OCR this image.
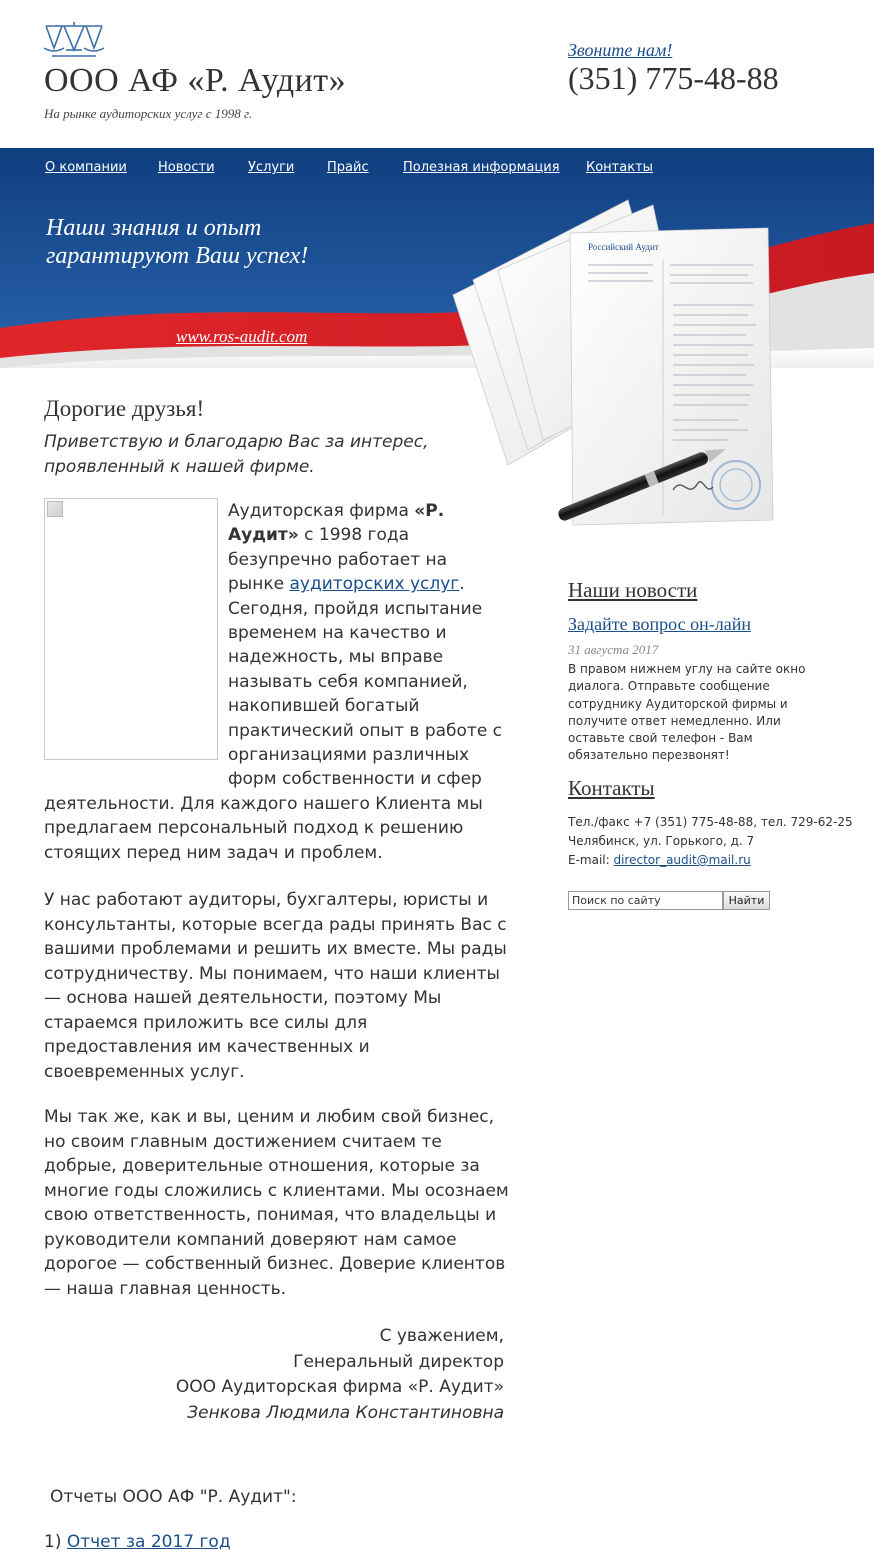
ООО АФ «Р. Аудит»
На рынке аудиторских услуг с 1998 г.
Звоните нам!
(351) 775-48-88
О компании Новости	Услуги	Прайс	Полезная информация Контакты
Наши знания и опыт
гарантируют Ваш успех!
www.ros-audit.com
Российский Аудит
Дорогие друзья!
Приветствую и благодарю Вас за интерес, проявленный к нашей фирме.
Аудиторская фирма «Р. Аудит» с 1998 года безупречно работает на рынке аудиторских услуг. Сегодня, пройдя испытание временем на качество и надежность, мы вправе называть себя компанией, накопившей богатый практический опыт в работе с организациями различных форм собственности и сфер деятельности. Для каждого нашего Клиента мы предлагаем персональный подход к решению стоящих перед ним задач и проблем.
У нас работают аудиторы, бухгалтеры, юристы и консультанты, которые всегда рады принять Вас с вашими проблемами и решить их вместе. Мы рады сотрудничеству. Мы понимаем, что наши клиенты — основа нашей деятельности, поэтому Мы стараемся приложить все силы для предоставления им качественных и своевременных услуг.
Мы так же, как и вы, ценим и любим свой бизнес, но своим главным достижением считаем те добрые, доверительные отношения, которые за многие годы сложились с клиентами. Мы осознаем свою ответственность, понимая, что владельцы и руководители компаний доверяют нам самое дорогое — собственный бизнес. Доверие клиентов — наша главная ценность.
С уважением,
Генеральный директор
ООО Аудиторская фирма «Р. Аудит»
Зенкова Людмила Константиновна
Отчеты ООО АФ "Р. Аудит":
1) Отчет за 2017 год
Наши новости
Задайте вопрос он-лайн
31 августа 2017
В правом нижнем углу на сайте окно диалога. Отправьте сообщение сотруднику Аудиторской фирмы и получите ответ немедленно. Или оставьте свой телефон - Вам обязательно перезвонят!
Контакты
Тел./факс +7 (351) 775-48-88, тел. 729-62-25
Челябинск, ул. Горького, д. 7
E-mail: director_audit@mail.ru
Поиск по сайту
Найти
